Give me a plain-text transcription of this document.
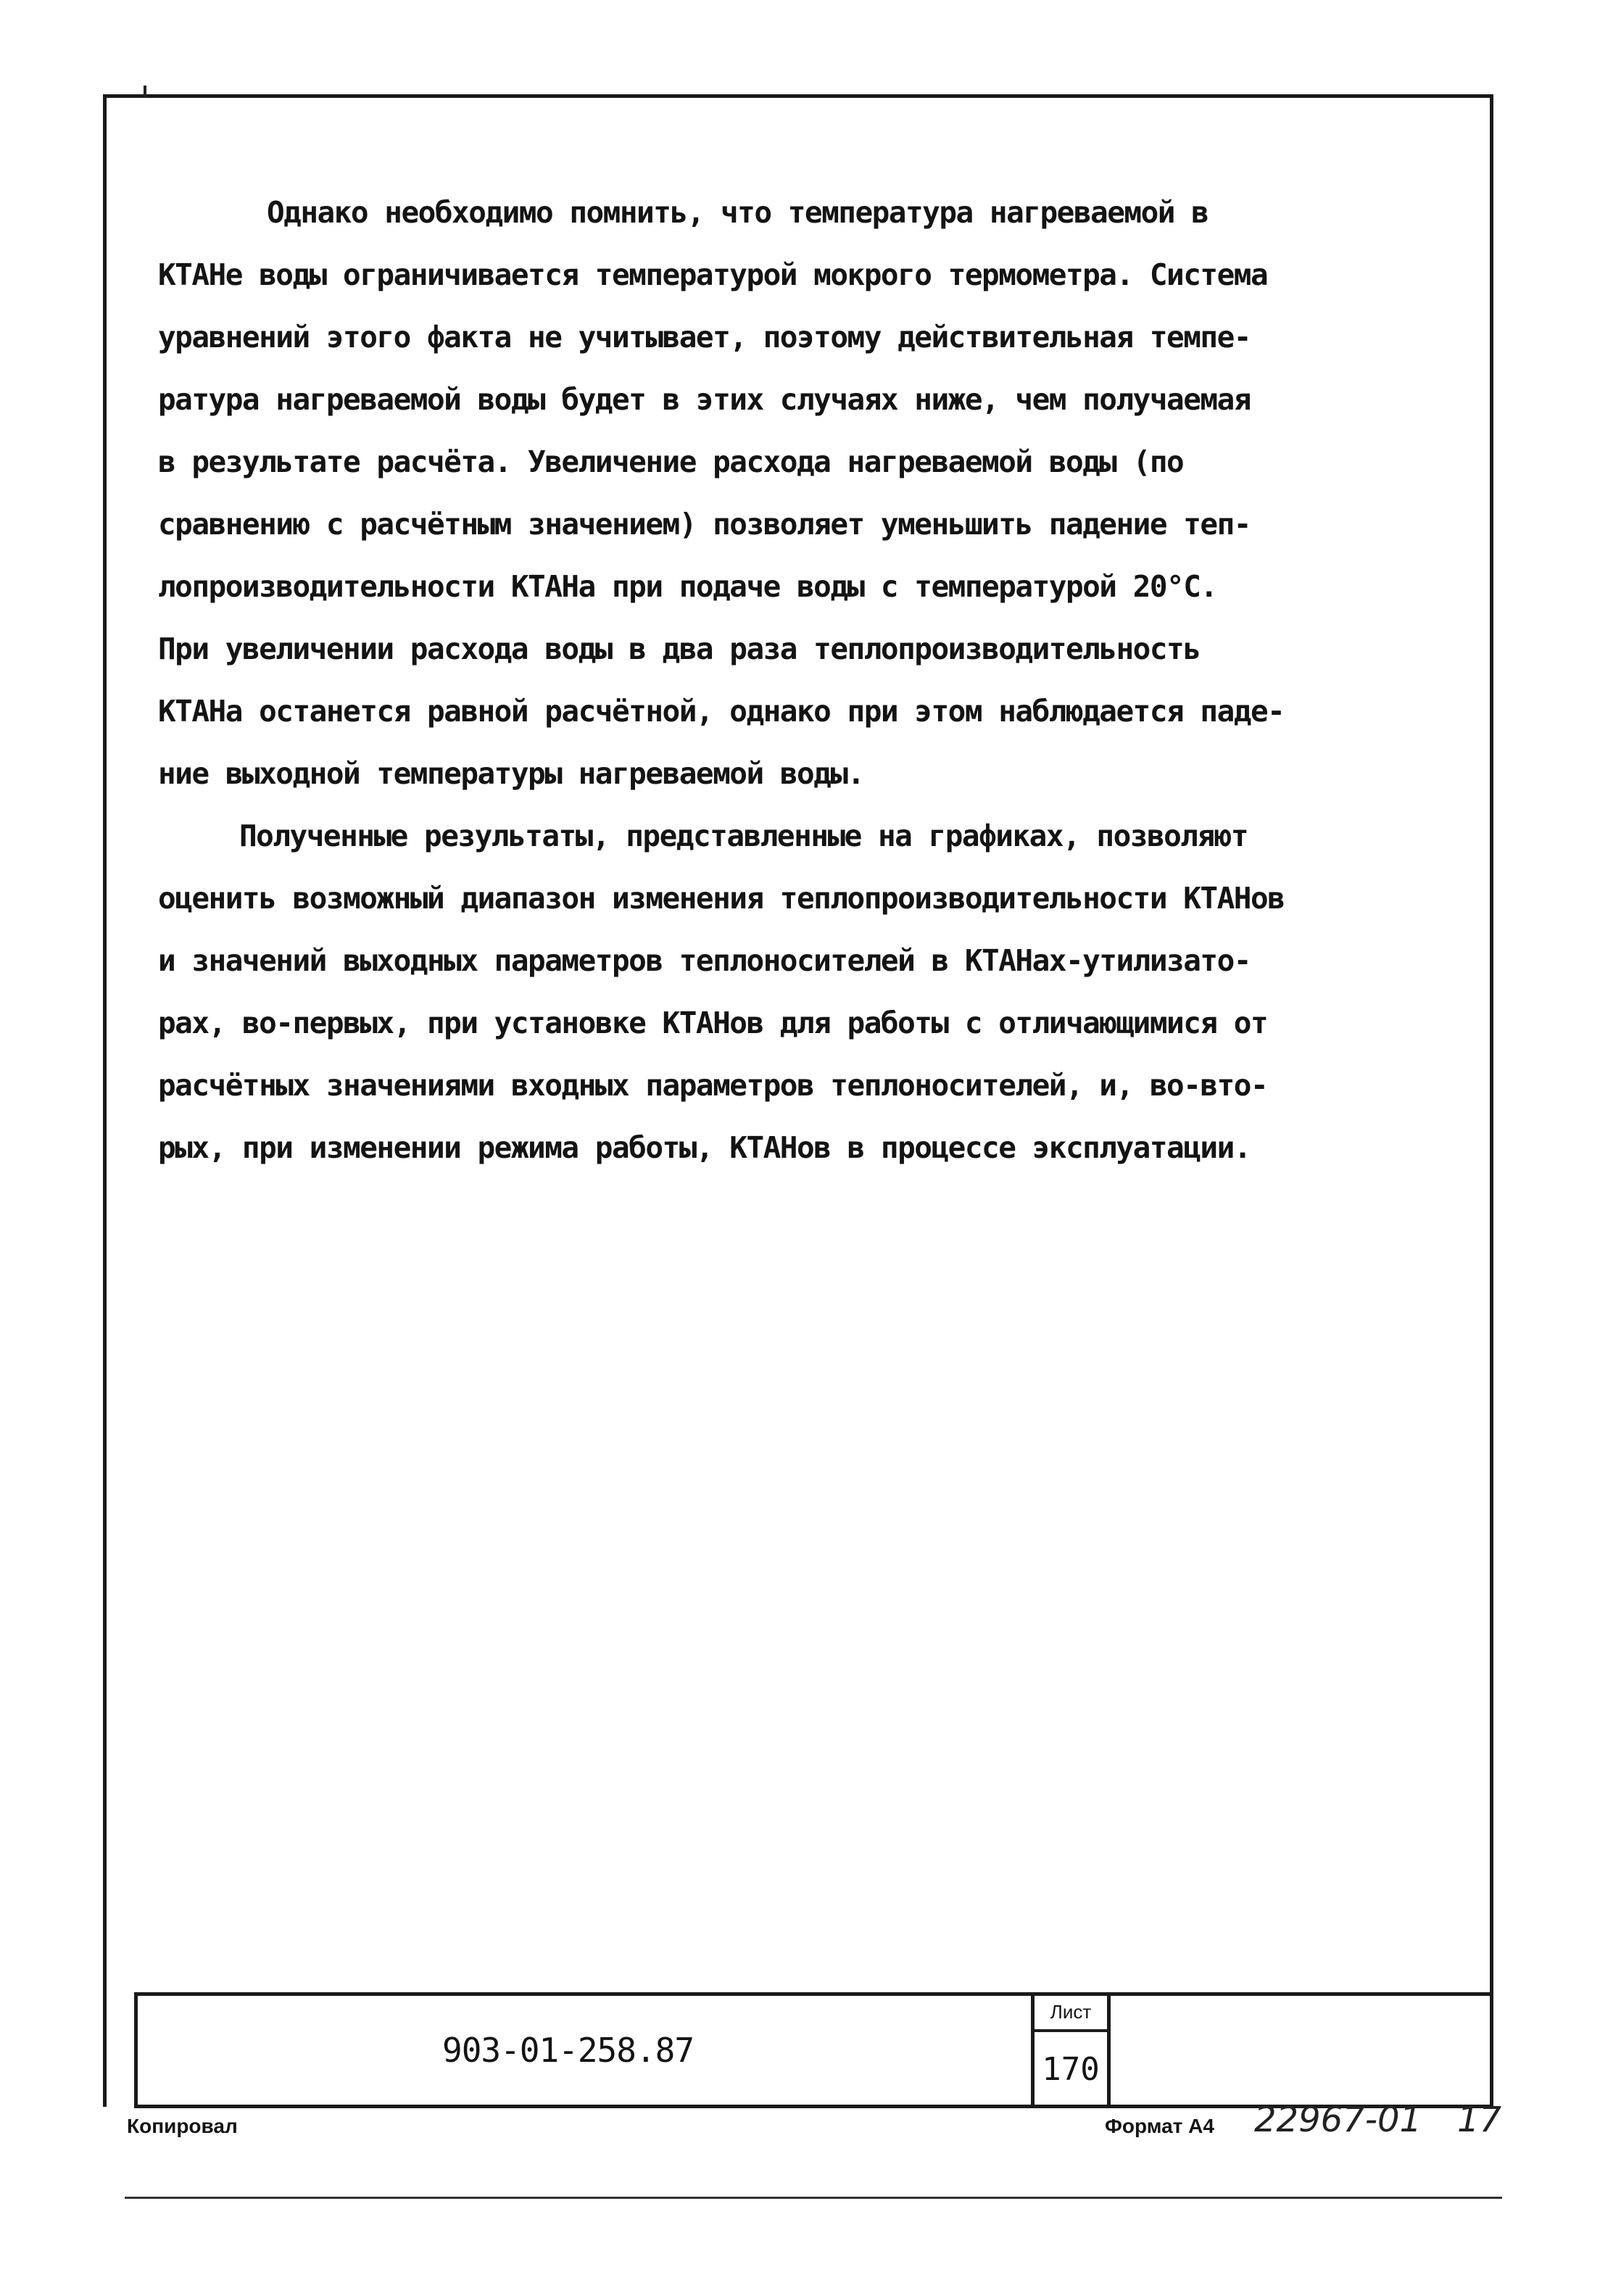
Однако необходимо помнить, что температура нагреваемой в
КТАНе воды ограничивается температурой мокрого термометра. Система
уравнений этого факта не учитывает, поэтому действительная темпе-
ратура нагреваемой воды будет в этих случаях ниже, чем получаемая
в результате расчёта. Увеличение расхода нагреваемой воды (по
сравнению с расчётным значением) позволяет уменьшить падение теп-
лопроизводительности КТАНа при подаче воды с температурой 20°С.
При увеличении расхода воды в два раза теплопроизводительность
КТАНа останется равной расчётной, однако при этом наблюдается паде-
ние выходной температуры нагреваемой воды.
Полученные результаты, представленные на графиках, позволяют
оценить возможный диапазон изменения теплопроизводительности КТАНов
и значений выходных параметров теплоносителей в КТАНах-утилизато-
рах, во-первых, при установке КТАНов для работы с отличающимися от
расчётных значениями входных параметров теплоносителей, и, во-вто-
рых, при изменении режима работы, КТАНов в процессе эксплуатации.
903-01-258.87
Лист
170
Копировал	Формат А4 22967-01 17
